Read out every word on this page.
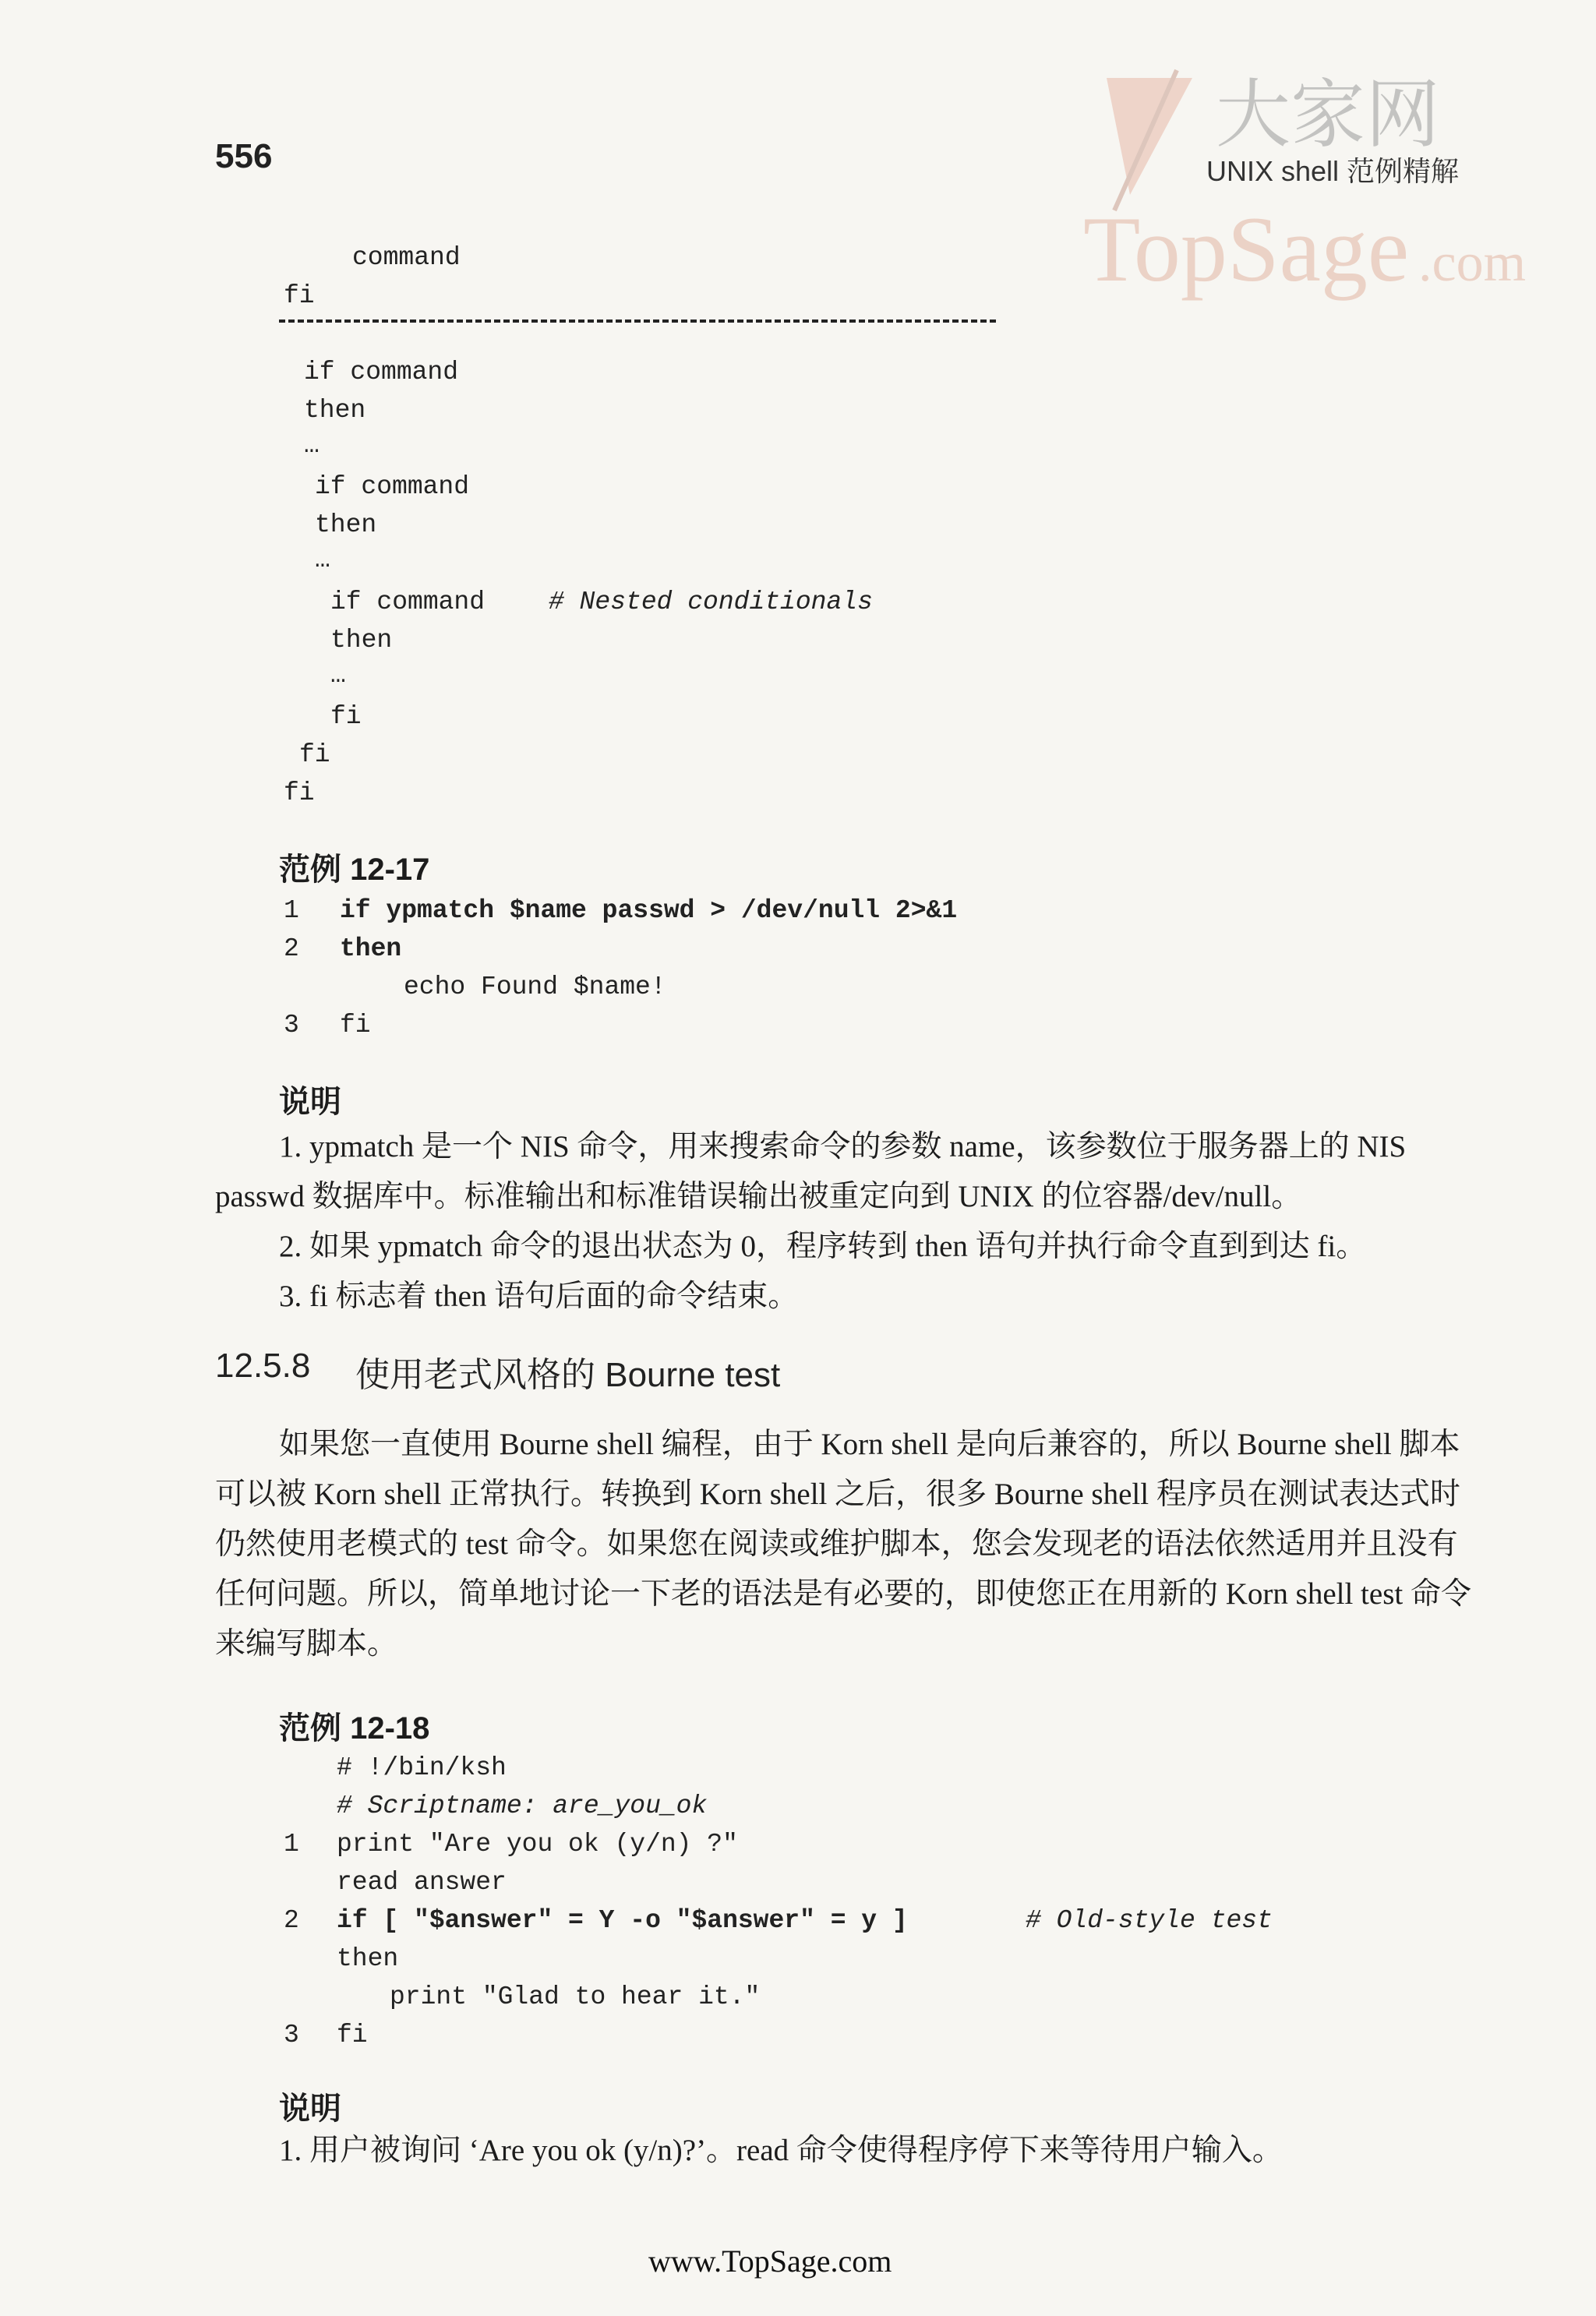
556	UNIX shell 范例精解
大家网
TopSage .com
command
fi
if command
then
…
if command
then
…
if command # Nested conditionals
then
…
fi
fi
fi
范例 12-17
1 if ypmatch $name passwd > /dev/null 2>&1
2 then
echo Found $name!
3 fi
说明
1. ypmatch 是一个 NIS 命令，用来搜索命令的参数 name，该参数位于服务器上的 NIS passwd 数据库中。标准输出和标准错误输出被重定向到 UNIX 的位容器/dev/null。
2. 如果 ypmatch 命令的退出状态为 0，程序转到 then 语句并执行命令直到到达 fi。
3. fi 标志着 then 语句后面的命令结束。
12.5.8 使用老式风格的 Bourne test
如果您一直使用 Bourne shell 编程，由于 Korn shell 是向后兼容的，所以 Bourne shell 脚本可以被 Korn shell 正常执行。转换到 Korn shell 之后，很多 Bourne shell 程序员在测试表达式时仍然使用老模式的 test 命令。如果您在阅读或维护脚本，您会发现老的语法依然适用并且没有任何问题。所以，简单地讨论一下老的语法是有必要的，即使您正在用新的 Korn shell test 命令来编写脚本。
范例 12-18
# !/bin/ksh
# Scriptname: are_you_ok
1 print "Are you ok (y/n) ?"
read answer
2 if [ "$answer" = Y -o "$answer" = y ]	# Old-style test
then
print "Glad to hear it."
3 fi
说明
1. 用户被询问 ‘Are you ok (y/n)?’。read 命令使得程序停下来等待用户输入。
www.TopSage.com
